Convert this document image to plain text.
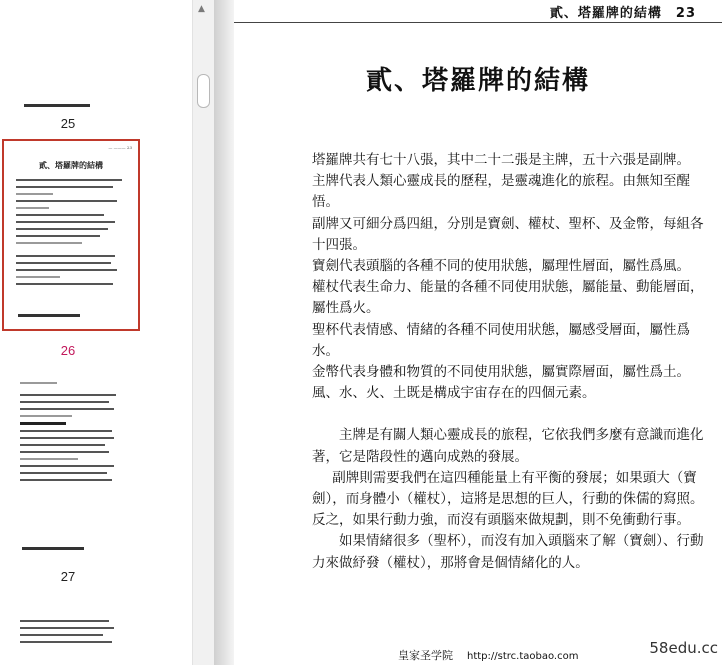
25
— ——— 23
貳、塔羅牌的結構
26
27
▲	貳、塔羅牌的結構 23
貳、塔羅牌的結構

塔羅牌共有七十八張，其中二十二張是主牌，五十六張是副牌。

主牌代表人類心靈成長的歷程，是靈魂進化的旅程。由無知至醒悟。

副牌又可細分爲四組，分別是寶劍、權杖、聖杯、及金幣，每組各十四張。

寶劍代表頭腦的各種不同的使用狀態，屬理性層面，屬性爲風。

權杖代表生命力、能量的各種不同使用狀態，屬能量、動能層面，屬性爲火。

聖杯代表情感、情緒的各種不同使用狀態，屬感受層面，屬性爲水。

金幣代表身體和物質的不同使用狀態，屬實際層面，屬性爲土。

風、水、火、土既是構成宇宙存在的四個元素。

主牌是有關人類心靈成長的旅程，它依我們多麼有意識而進化著，它是階段性的邁向成熟的發展。

副牌則需要我們在這四種能量上有平衡的發展；如果頭大（寶劍），而身體小（權杖），這將是思想的巨人，行動的侏儒的寫照。反之，如果行動力強，而沒有頭腦來做規劃，則不免衝動行事。

如果情緒很多（聖杯），而沒有加入頭腦來了解（寶劍）、行動力來做紓發（權杖），那將會是個情緒化的人。

皇家圣学院 http://strc.taobao.com	58edu.cc
